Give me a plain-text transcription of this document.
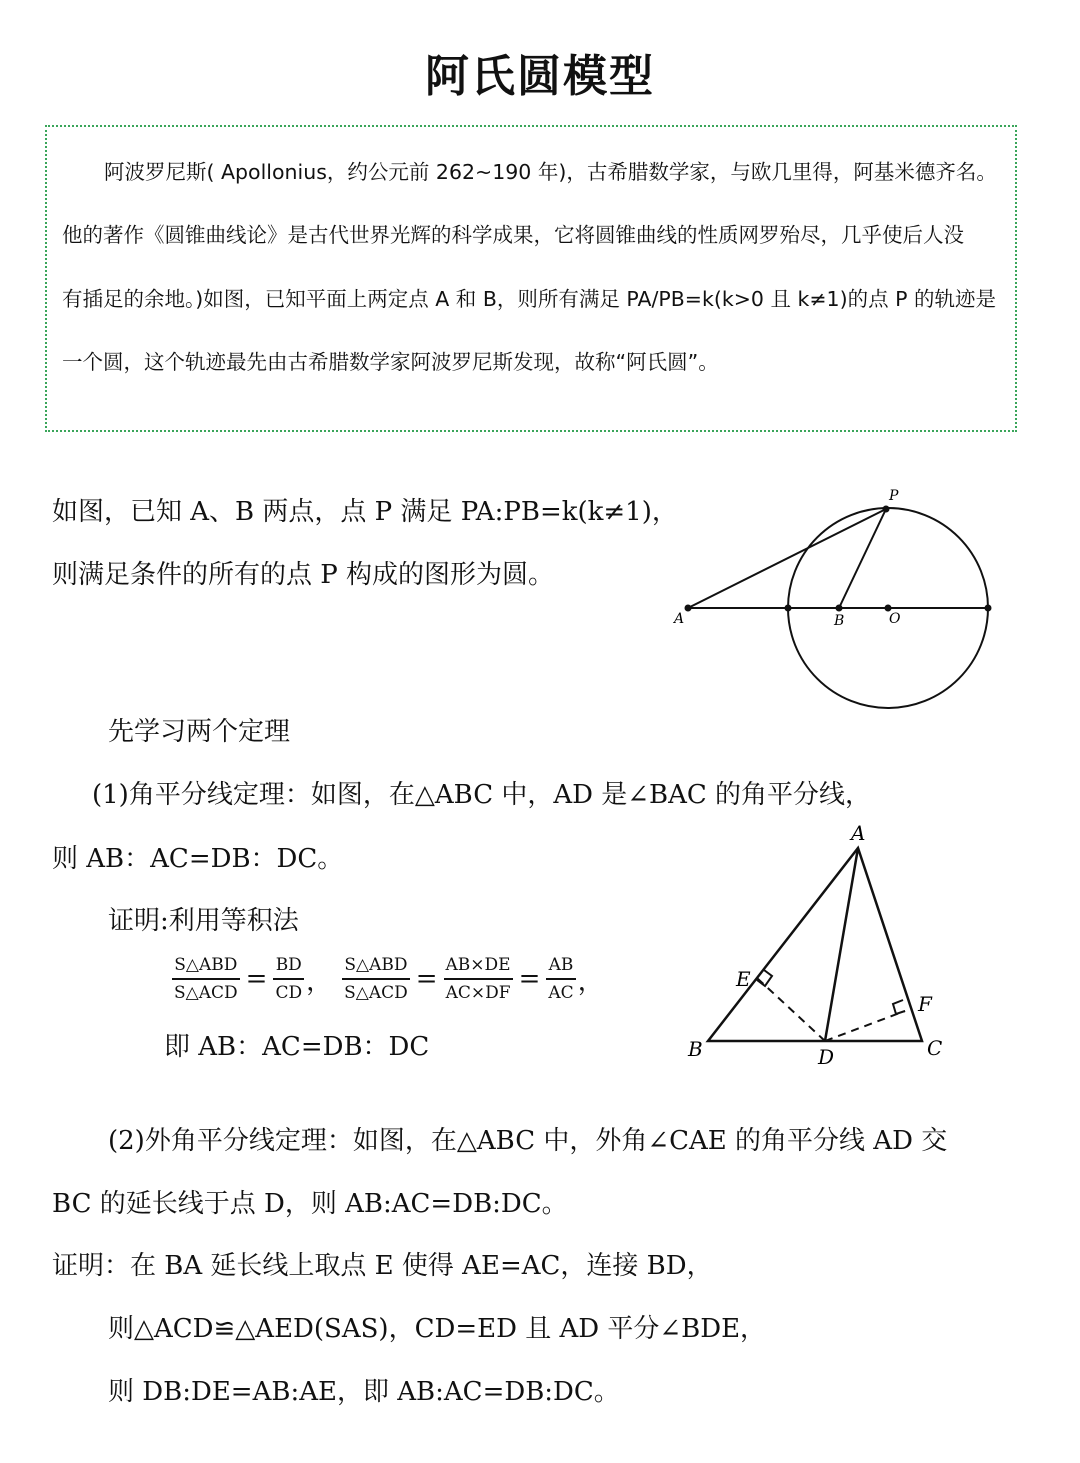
阿氏圆模型
阿波罗尼斯( Apollonius，约公元前 262~190 年)，古希腊数学家，与欧几里得，阿基米德齐名。
他的著作《圆锥曲线论》是古代世界光辉的科学成果，它将圆锥曲线的性质网罗殆尽，几乎使后人没
有插足的余地。)如图，已知平面上两定点 A 和 B，则所有满足 PA/PB=k(k>0 且 k≠1)的点 P 的轨迹是
一个圆，这个轨迹最先由古希腊数学家阿波罗尼斯发现，故称“阿氏圆”。
如图，已知 A、B 两点，点 P 满足 PA:PB=k(k≠1)，
则满足条件的所有的点 P 构成的图形为圆。
P
A	B	O
先学习两个定理
(1)角平分线定理：如图，在△ABC 中，AD 是∠BAC 的角平分线，
则 AB：AC=DB：DC。
证明:利用等积法
$\frac{\text{S△ABD}}{\text{S△ACD}} = \frac{BD}{CD}$ ， $\frac{\text{S△ABD}}{\text{S△ACD}} = \frac{AB\times DE}{AC\times DF} = \frac{AB}{AC}$ ，
即 AB：AC=DB：DC
A
B	C
D
E
F
(2)外角平分线定理：如图，在△ABC 中，外角∠CAE 的角平分线 AD 交
BC 的延长线于点 D，则 AB:AC=DB:DC。
证明：在 BA 延长线上取点 E 使得 AE=AC，连接 BD，
则△ACD≌△AED(SAS)，CD=ED 且 AD 平分∠BDE，
则 DB:DE=AB:AE，即 AB:AC=DB:DC。
